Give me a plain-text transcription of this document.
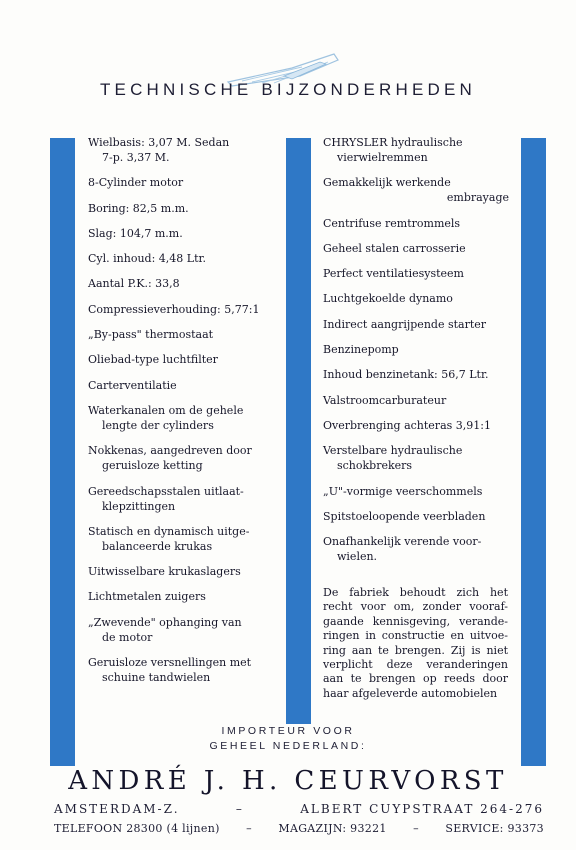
TECHNISCHE BIJZONDERHEDEN
Wielbasis: 3,07 M. Sedan
7-p. 3,37 M.
8-Cylinder motor
Boring: 82,5 m.m.
Slag: 104,7 m.m.
Cyl. inhoud: 4,48 Ltr.
Aantal P.K.: 33,8
Compressieverhouding: 5,77:1
„By-pass" thermostaat
Oliebad-type luchtfilter
Carterventilatie
Waterkanalen om de gehele
lengte der cylinders
Nokkenas, aangedreven door
geruisloze ketting
Gereedschapsstalen uitlaat-
klepzittingen
Statisch en dynamisch uitge-
balanceerde krukas
Uitwisselbare krukaslagers
Lichtmetalen zuigers
„Zwevende" ophanging van
de motor
Geruisloze versnellingen met
schuine tandwielen
CHRYSLER hydraulische
vierwielremmen
Gemakkelijk werkende
embrayage
Centrifuse remtrommels
Geheel stalen carrosserie
Perfect ventilatiesysteem
Luchtgekoelde dynamo
Indirect aangrijpende starter
Benzinepomp
Inhoud benzinetank: 56,7 Ltr.
Valstroomcarburateur
Overbrenging achteras 3,91:1
Verstelbare hydraulische
schokbrekers
„U"-vormige veerschommels
Spitstoeloopende veerbladen
Onafhankelijk verende voor-
wielen.

De fabriek behoudt zich het recht voor om, zonder vooraf-gaande kennisgeving, verande-ringen in constructie en uitvoe-ring aan te brengen. Zij is niet verplicht deze veranderingen aan te brengen op reeds door haar afgeleverde automobielen

IMPORTEUR VOOR
GEHEEL NEDERLAND:
ANDRÉ J. H. CEURVORST
AMSTERDAM-Z.	–	ALBERT CUYPSTRAAT 264-276
TELEFOON 28300 (4 lijnen) – MAGAZIJN: 93221 – SERVICE: 93373
